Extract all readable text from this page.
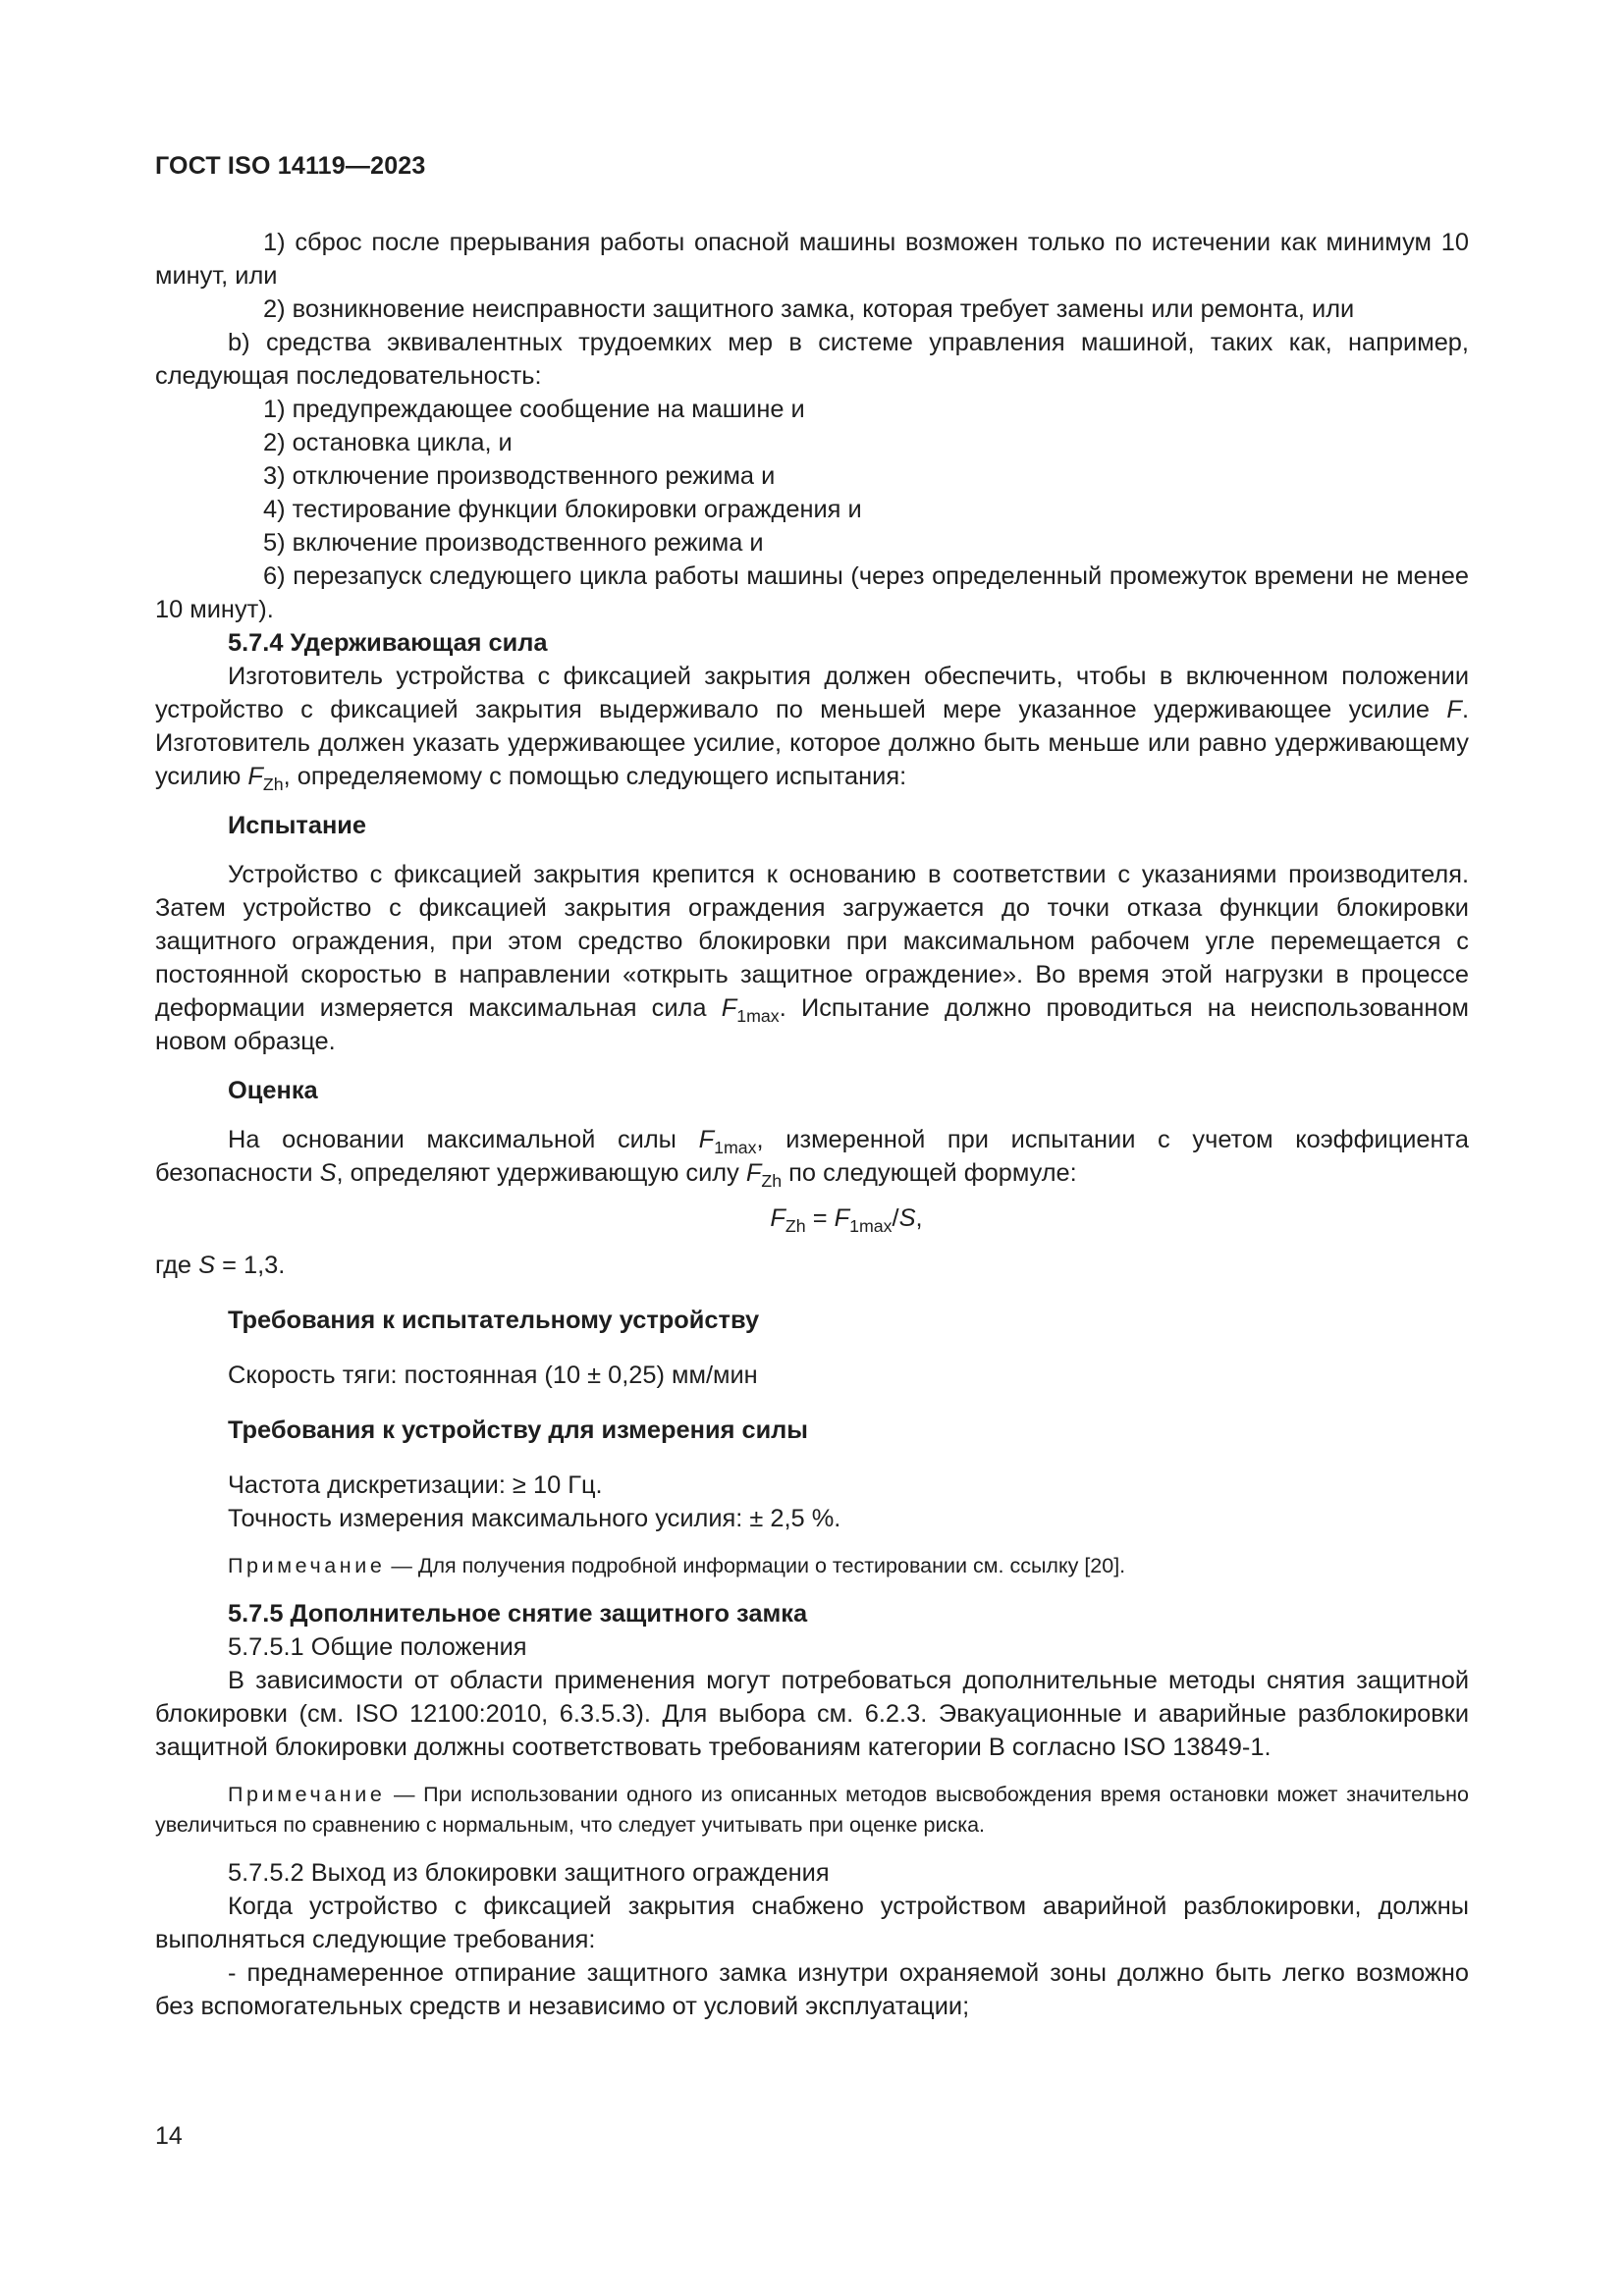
ГОСТ ISO 14119—2023

1) сброс после прерывания работы опасной машины возможен только по истечении как минимум 10 минут, или

2) возникновение неисправности защитного замка, которая требует замены или ремонта, или

b) средства эквивалентных трудоемких мер в системе управления машиной, таких как, например, следующая последовательность:

1) предупреждающее сообщение на машине и

2) остановка цикла, и

3) отключение производственного режима и

4) тестирование функции блокировки ограждения и

5) включение производственного режима и

6) перезапуск следующего цикла работы машины (через определенный промежуток времени не менее 10 минут).

5.7.4 Удерживающая сила

Изготовитель устройства с фиксацией закрытия должен обеспечить, чтобы в включенном положении устройство с фиксацией закрытия выдерживало по меньшей мере указанное удерживающее усилие F. Изготовитель должен указать удерживающее усилие, которое должно быть меньше или равно удерживающему усилию $F_{Zh}$, определяемому с помощью следующего испытания:

Испытание

Устройство с фиксацией закрытия крепится к основанию в соответствии с указаниями производителя. Затем устройство с фиксацией закрытия ограждения загружается до точки отказа функции блокировки защитного ограждения, при этом средство блокировки при максимальном рабочем угле перемещается с постоянной скоростью в направлении «открыть защитное ограждение». Во время этой нагрузки в процессе деформации измеряется максимальная сила $F_{1max}$. Испытание должно проводиться на неиспользованном новом образце.

Оценка

На основании максимальной силы $F_{1max}$, измеренной при испытании с учетом коэффициента безопасности S, определяют удерживающую силу $F_{Zh}$ по следующей формуле:

$F_{Zh} = F_{1max}/S$,

где S = 1,3.

Требования к испытательному устройству

Скорость тяги: постоянная (10 ± 0,25) мм/мин

Требования к устройству для измерения силы

Частота дискретизации: ≥ 10 Гц.

Точность измерения максимального усилия: ± 2,5 %.

Примечание — Для получения подробной информации о тестировании см. ссылку [20].

5.7.5 Дополнительное снятие защитного замка

5.7.5.1 Общие положения

В зависимости от области применения могут потребоваться дополнительные методы снятия защитной блокировки (см. ISO 12100:2010, 6.3.5.3). Для выбора см. 6.2.3. Эвакуационные и аварийные разблокировки защитной блокировки должны соответствовать требованиям категории B согласно ISO 13849-1.

Примечание — При использовании одного из описанных методов высвобождения время остановки может значительно увеличиться по сравнению с нормальным, что следует учитывать при оценке риска.

5.7.5.2 Выход из блокировки защитного ограждения

Когда устройство с фиксацией закрытия снабжено устройством аварийной разблокировки, должны выполняться следующие требования:

- преднамеренное отпирание защитного замка изнутри охраняемой зоны должно быть легко возможно без вспомогательных средств и независимо от условий эксплуатации;

14
